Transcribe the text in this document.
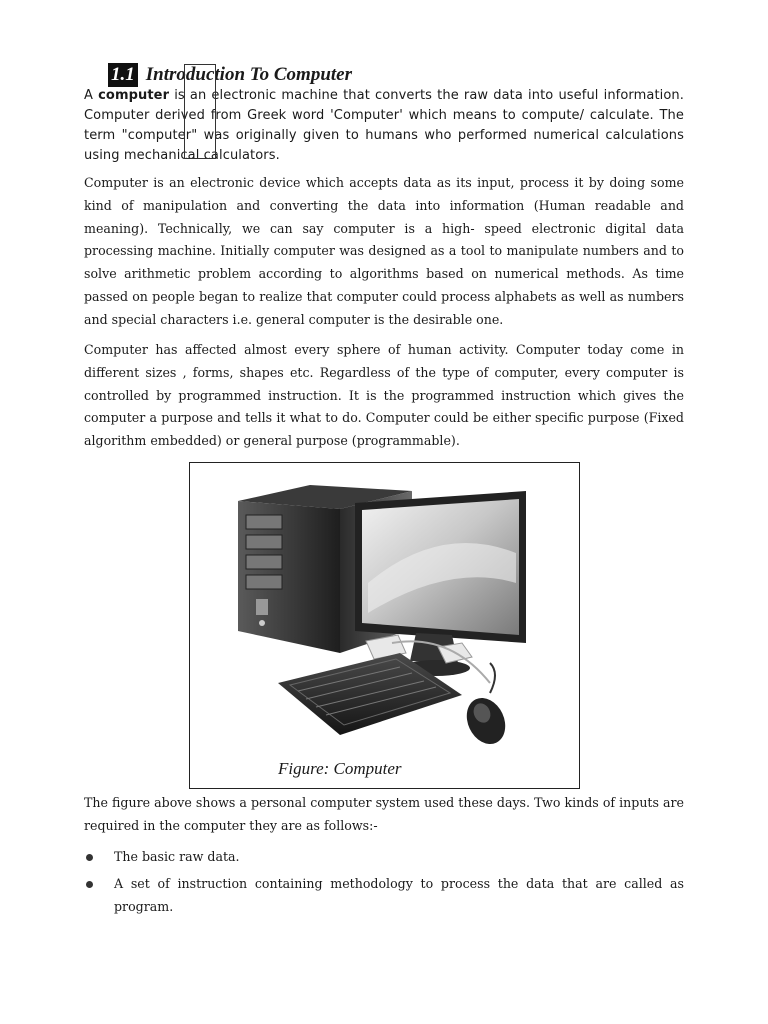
1.1 Introduction To Computer
A computer is an electronic machine that converts the raw data into useful information. Computer derived from Greek word 'Computer' which means to compute/ calculate. The term "computer" was originally given to humans who performed numerical calculations using mechanical calculators.
Computer is an electronic device which accepts data as its input, process it by doing some kind of manipulation and converting the data into information (Human readable and meaning). Technically, we can say computer is a high- speed electronic digital data processing machine. Initially computer was designed as a tool to manipulate numbers and to solve arithmetic problem according to algorithms based on numerical methods. As time passed on people began to realize that computer could process alphabets as well as numbers and special characters i.e. general computer is the desirable one.
Computer has affected almost every sphere of human activity. Computer today come in different sizes , forms, shapes etc. Regardless of the type of computer, every computer is controlled by programmed instruction. It is the programmed instruction which gives the computer a purpose and tells it what to do. Computer could be either specific purpose (Fixed algorithm embedded) or general purpose (programmable).
Figure: Computer
The figure above shows a personal computer system used these days. Two kinds of inputs are required in the computer they are as follows:-
The basic raw data.
A set of instruction containing methodology to process the data that are called as program.
